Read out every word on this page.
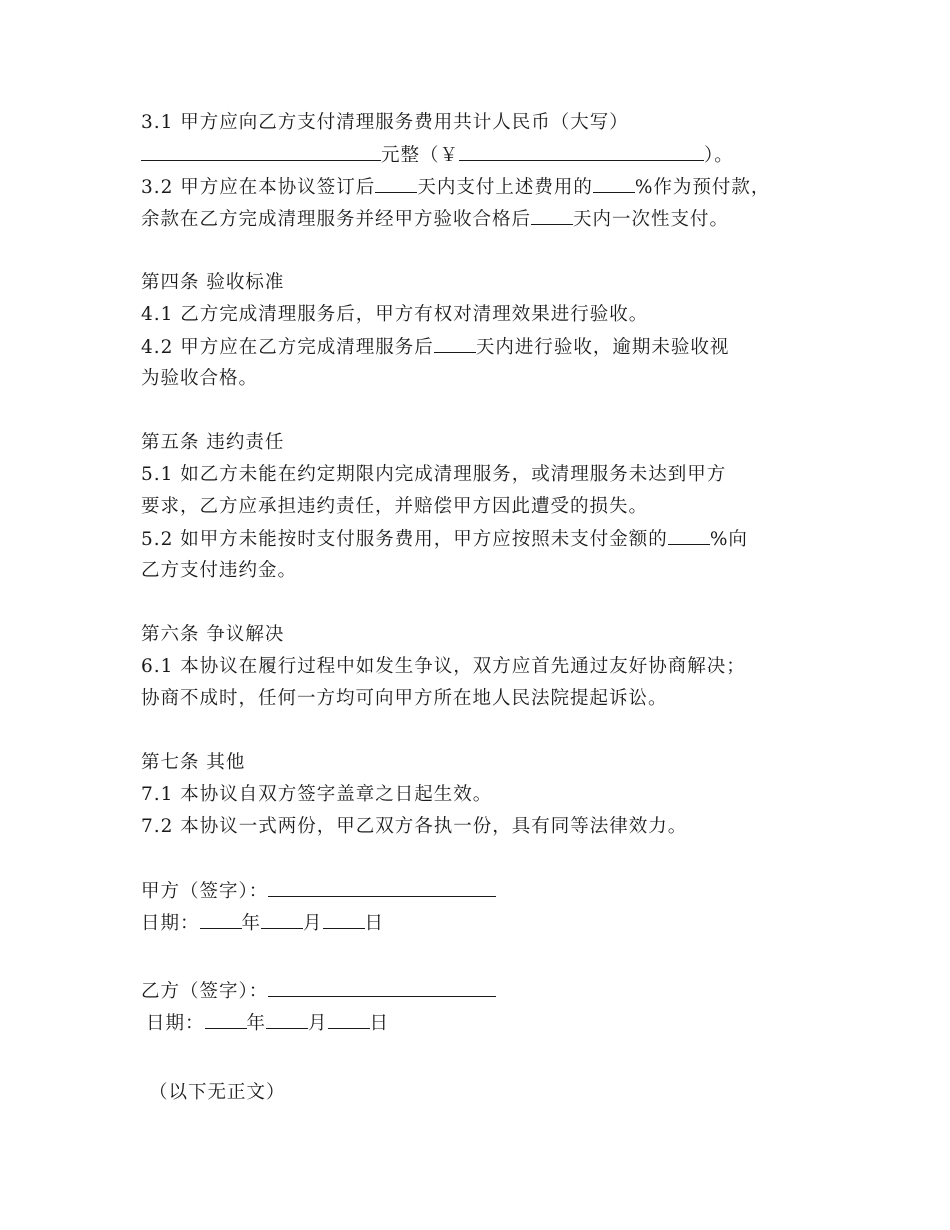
3.1 甲方应向乙方支付清理服务费用共计人民币（大写）
元整（￥	）。
3.2 甲方应在本协议签订后 天内支付上述费用的 %作为预付款，
余款在乙方完成清理服务并经甲方验收合格后 天内一次性支付。
第四条 验收标准
4.1 乙方完成清理服务后，甲方有权对清理效果进行验收。
4.2 甲方应在乙方完成清理服务后 天内进行验收，逾期未验收视
为验收合格。
第五条 违约责任
5.1 如乙方未能在约定期限内完成清理服务，或清理服务未达到甲方
要求，乙方应承担违约责任，并赔偿甲方因此遭受的损失。
5.2 如甲方未能按时支付服务费用，甲方应按照未支付金额的 %向
乙方支付违约金。
第六条 争议解决
6.1 本协议在履行过程中如发生争议，双方应首先通过友好协商解决；
协商不成时，任何一方均可向甲方所在地人民法院提起诉讼。
第七条 其他
7.1 本协议自双方签字盖章之日起生效。
7.2 本协议一式两份，甲乙双方各执一份，具有同等法律效力。
甲方（签字）：
日期： 年 月 日
乙方（签字）：
日期： 年 月 日
（以下无正文）
